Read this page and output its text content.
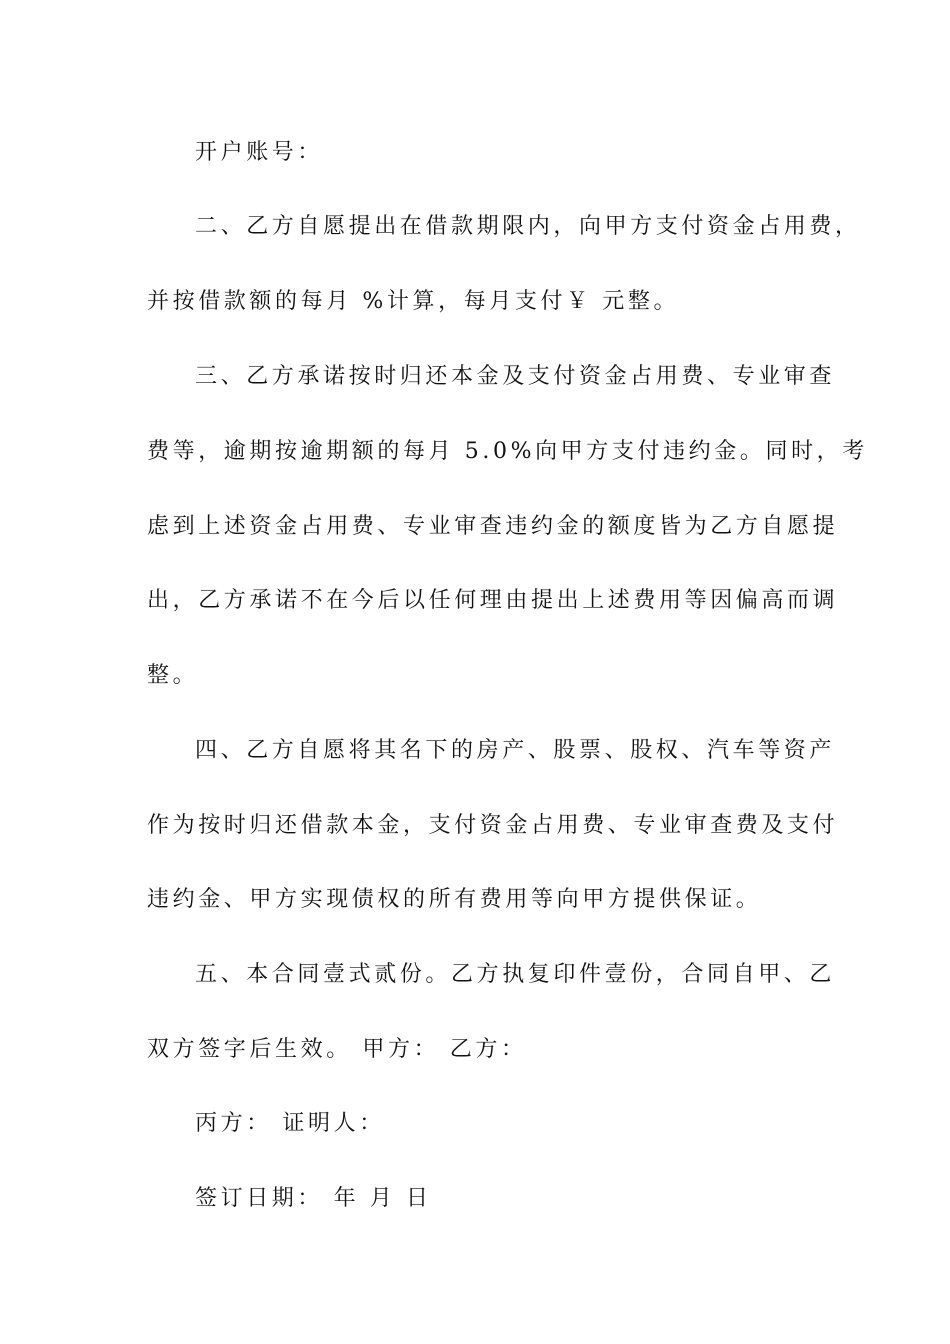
开户账号：
二、乙方自愿提出在借款期限内，向甲方支付资金占用费，
并按借款额的每月 %计算，每月支付￥ 元整。
三、乙方承诺按时归还本金及支付资金占用费、专业审查
费等，逾期按逾期额的每月 5.0%向甲方支付违约金。同时，考
虑到上述资金占用费、专业审查违约金的额度皆为乙方自愿提
出，乙方承诺不在今后以任何理由提出上述费用等因偏高而调
整。
四、乙方自愿将其名下的房产、股票、股权、汽车等资产
作为按时归还借款本金，支付资金占用费、专业审查费及支付
违约金、甲方实现债权的所有费用等向甲方提供保证。
五、本合同壹式贰份。乙方执复印件壹份，合同自甲、乙
双方签字后生效。 甲方： 乙方：
丙方： 证明人：
签订日期： 年 月 日
